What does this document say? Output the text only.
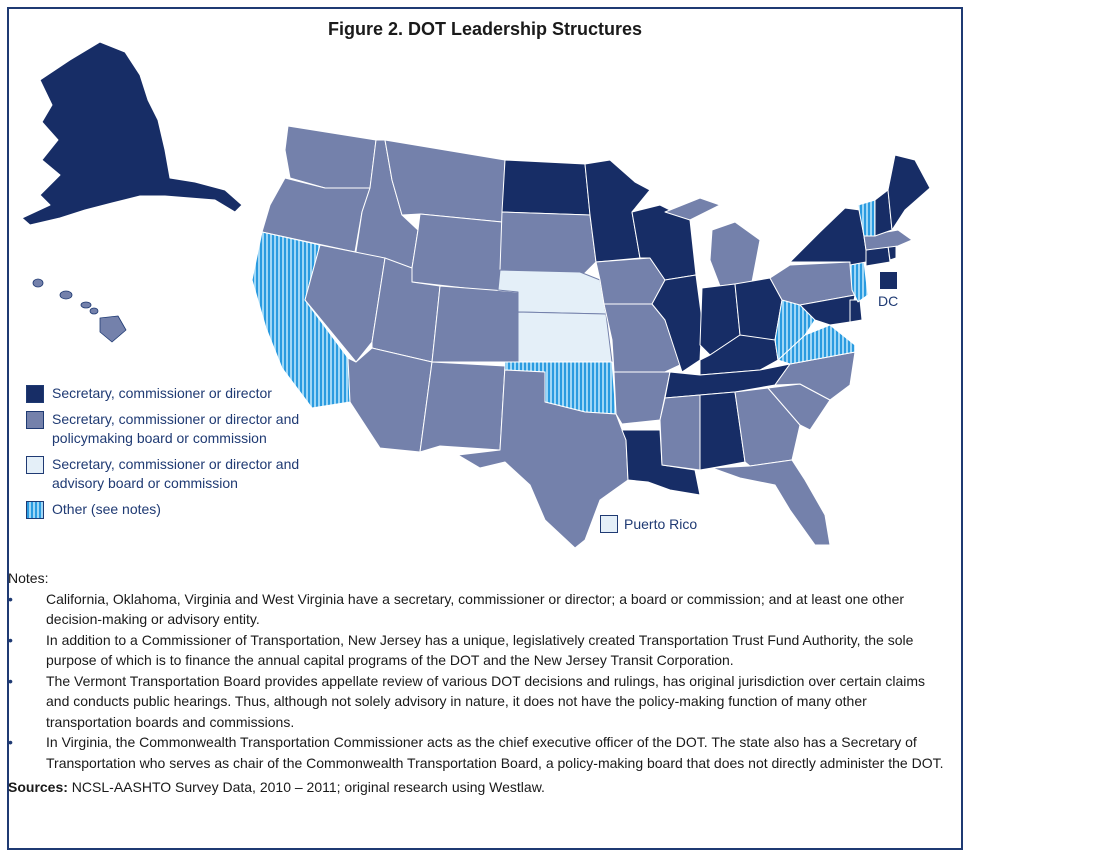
Figure 2. DOT Leadership Structures
Secretary, commissioner or director
Secretary, commissioner or director and
policymaking board or commission
Secretary, commissioner or director and
advisory board or commission
Other (see notes)
Puerto Rico
DC
Notes:
• California, Oklahoma, Virginia and West Virginia have a secretary, commissioner or director; a board or commission; and at least one other decision-making or advisory entity.
• In addition to a Commissioner of Transportation, New Jersey has a unique, legislatively created Transportation Trust Fund Authority, the sole purpose of which is to finance the annual capital programs of the DOT and the New Jersey Transit Corporation.
• The Vermont Transportation Board provides appellate review of various DOT decisions and rulings, has original jurisdiction over certain claims and conducts public hearings. Thus, although not solely advisory in nature, it does not have the policy-making function of many other transportation boards and commissions.
• In Virginia, the Commonwealth Transportation Commissioner acts as the chief executive officer of the DOT. The state also has a Secretary of Transportation who serves as chair of the Commonwealth Transportation Board, a policy-making board that does not directly administer the DOT.
Sources: NCSL-AASHTO Survey Data, 2010 – 2011; original research using Westlaw.
